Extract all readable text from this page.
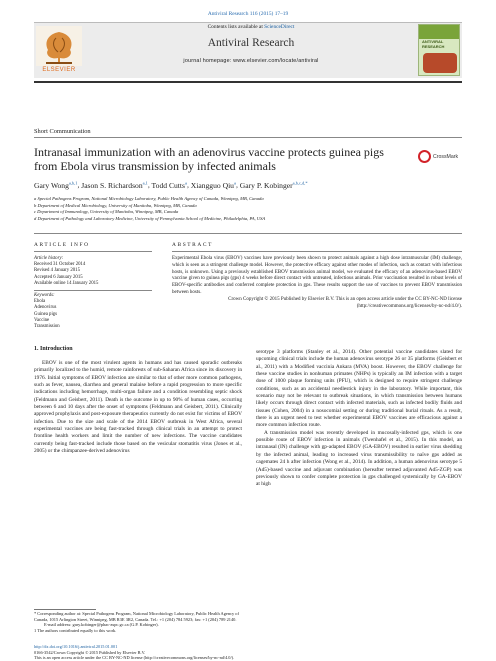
Antiviral Research 116 (2015) 17–19
ELSEVIER
Contents lists available at ScienceDirect
Antiviral Research
journal homepage: www.elsevier.com/locate/antiviral
ANTIVIRAL RESEARCH
Short Communication
Intranasal immunization with an adenovirus vaccine protects guinea pigs from Ebola virus transmission by infected animals
CrossMark
Gary Wong$^{a,b,1}$, Jason S. Richardson$^{a,1}$, Todd Cutts$^a$, Xiangguo Qiu$^a$, Gary P. Kobinger$^{a,b,c,d,*}$
a Special Pathogens Program, National Microbiology Laboratory, Public Health Agency of Canada, Winnipeg, MB, Canada
b Department of Medical Microbiology, University of Manitoba, Winnipeg, MB, Canada
c Department of Immunology, University of Manitoba, Winnipeg, MB, Canada
d Department of Pathology and Laboratory Medicine, University of Pennsylvania School of Medicine, Philadelphia, PA, USA
ARTICLE INFO	ABSTRACT
Article history:
Received 31 October 2014
Revised 4 January 2015
Accepted 6 January 2015
Available online 14 January 2015
Keywords:
Ebola
Adenovirus
Guinea pigs
Vaccine
Transmission
Experimental Ebola virus (EBOV) vaccines have previously been shown to protect animals against a high dose intramuscular (IM) challenge, which is seen as a stringent challenge model. However, the protective efficacy against other modes of infection, such as contact with infectious hosts, is unknown. Using a previously established EBOV transmission animal model, we evaluated the efficacy of an adenovirus-based EBOV vaccine given to guinea pigs (gps) 4 weeks before direct contact with untreated, infectious animals. Prior vaccination resulted in robust levels of EBOV-specific antibodies and conferred complete protection in gps. These results support the use of vaccines to prevent EBOV transmission between hosts.
Crown Copyright © 2015 Published by Elsevier B.V. This is an open access article under the CC BY-NC-ND license (http://creativecommons.org/licenses/by-nc-nd/4.0/).
1. Introduction

EBOV is one of the most virulent agents in humans and has caused sporadic outbreaks primarily localized to the humid, remote rainforests of sub-Saharan Africa since its discovery in 1976. Initial symptoms of EBOV infection are similar to that of other more common pathogens, such as fever, nausea, diarrhea and general malaise before a rapid progression to more specific indications including hemorrhage, multi-organ failure and a condition resembling septic shock (Feldmann and Geisbert, 2011). Death is the outcome in up to 90% of human cases, occurring between 6 and 10 days after the onset of symptoms (Feldmann and Geisbert, 2011). Clinically approved prophylaxis and post-exposure therapeutics currently do not exist for victims of EBOV infection. Due to the size and scale of the 2014 EBOV outbreak in West Africa, several experimental vaccines are being fast-tracked through clinical trials in an attempt to protect frontline health workers and limit the number of new infections. The vaccine candidates currently being fast-tracked include those based on the vesicular stomatitis virus (Jones et al., 2005) or the chimpanzee-derived adenovirus

serotype 3 platforms (Stanley et al., 2014). Other potential vaccine candidates slated for upcoming clinical trials include the human adenovirus serotype 26 or 35 platforms (Geisbert et al., 2011) with a Modified vaccinia Ankara (MVA) boost. However, the EBOV challenge for these vaccine studies in nonhuman primates (NHPs) is typically an IM infection with a target dose of 1000 plaque forming units (PFU), which is designed to require stringent challenge conditions, such as an accidental needlestick injury in the laboratory. While important, this scenario may not be relevant to outbreak situations, in which transmission between humans likely occurs through direct contact with infected materials, such as infected bodily fluids and tissues (Cohen, 2004) in a nosocomial setting or during traditional burial rituals. As a result, there is an urgent need to test whether experimental EBOV vaccines are efficacious against a more common infection route.

A transmission model was recently developed in mucosally-infected gps, which is one possible route of EBOV infection in animals (Twenhafel et al., 2015). In this model, an intranasal (IN) challenge with gp-adapted EBOV (GA-EBOV) resulted in earlier virus shedding by the infected animal, leading to increased virus transmissibility to naïve gps added as cagemates 24 h after infection (Wong et al., 2014). In addition, a human adenovirus serotype 5 (Ad5)-based vaccine and adjuvant combination (hereafter termed adjuvanted Ad5-ZGP) was previously shown to confer complete protection in gps challenged systemically by GA-EBOV at high

* Corresponding author at: Special Pathogens Program, National Microbiology Laboratory, Public Health Agency of Canada, 1015 Arlington Street, Winnipeg, MB R3E 3R2, Canada. Tel.: +1 (204) 784 5923; fax: +1 (204) 789 2140.
E-mail address: gary.kobinger@phac-aspc.gc.ca (G.P. Kobinger).
1 The authors contributed equally to this work.
http://dx.doi.org/10.1016/j.antiviral.2015.01.001
0166-3542/Crown Copyright © 2015 Published by Elsevier B.V.
This is an open access article under the CC BY-NC-ND license (http://creativecommons.org/licenses/by-nc-nd/4.0/).
